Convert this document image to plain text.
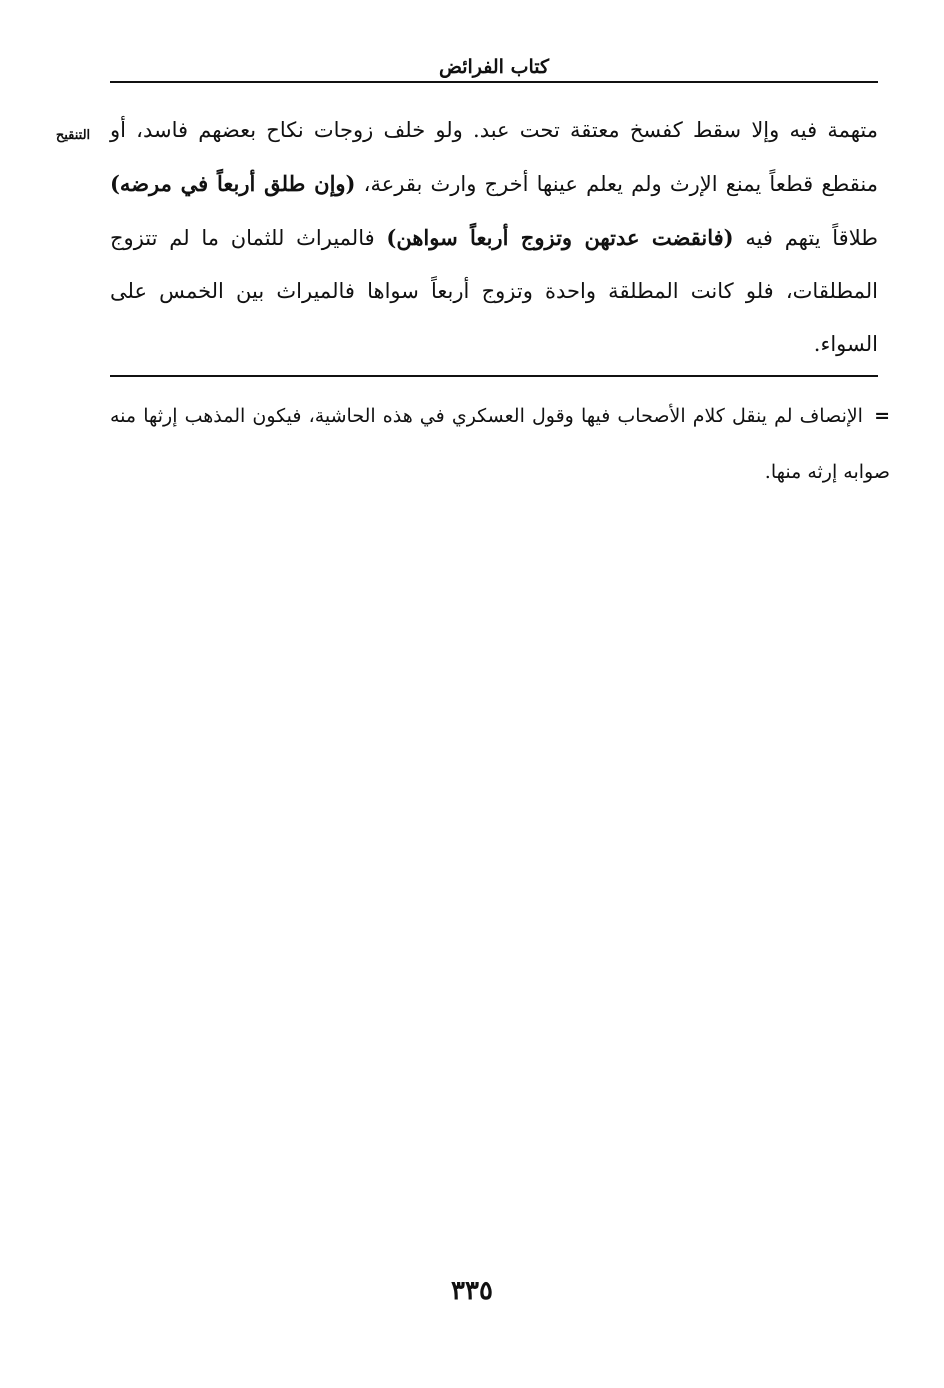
كتاب الفرائض
التنقيح متهمة فيه وإلا سقط كفسخ معتقة تحت عبد. ولو خلف زوجات نكاح بعضهم فاسد، أو منقطع قطعاً يمنع الإرث ولم يعلم عينها أخرج وارث بقرعة، (وإن طلق أربعاً في مرضه) طلاقاً يتهم فيه (فانقضت عدتهن وتزوج أربعاً سواهن) فالميراث للثمان ما لم تتزوج المطلقات، فلو كانت المطلقة واحدة وتزوج أربعاً سواها فالميراث بين الخمس على السواء.
= الإنصاف لم ينقل كلام الأصحاب فيها وقول العسكري في هذه الحاشية، فيكون المذهب إرثها منه صوابه إرثه منها.
٣٣٥
